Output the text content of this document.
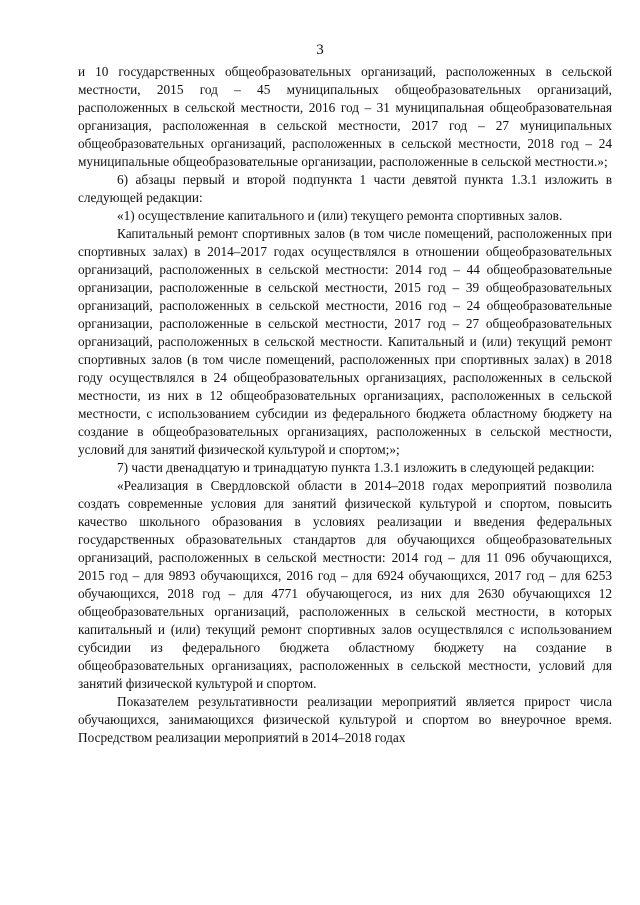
3

и 10 государственных общеобразовательных организаций, расположенных в сельской местности, 2015 год – 45 муниципальных общеобразовательных организаций, расположенных в сельской местности, 2016 год – 31 муниципальная общеобразовательная организация, расположенная в сельской местности, 2017 год – 27 муниципальных общеобразовательных организаций, расположенных в сельской местности, 2018 год – 24 муниципальные общеобразовательные организации, расположенные в сельской местности.»;

6) абзацы первый и второй подпункта 1 части девятой пункта 1.3.1 изложить в следующей редакции:

«1) осуществление капитального и (или) текущего ремонта спортивных залов.

Капитальный ремонт спортивных залов (в том числе помещений, расположенных при спортивных залах) в 2014–2017 годах осуществлялся в отношении общеобразовательных организаций, расположенных в сельской местности: 2014 год – 44 общеобразовательные организации, расположенные в сельской местности, 2015 год – 39 общеобразовательных организаций, расположенных в сельской местности, 2016 год – 24 общеобразовательные организации, расположенные в сельской местности, 2017 год – 27 общеобразовательных организаций, расположенных в сельской местности. Капитальный и (или) текущий ремонт спортивных залов (в том числе помещений, расположенных при спортивных залах) в 2018 году осуществлялся в 24 общеобразовательных организациях, расположенных в сельской местности, из них в 12 общеобразовательных организациях, расположенных в сельской местности, с использованием субсидии из федерального бюджета областному бюджету на создание в общеобразовательных организациях, расположенных в сельской местности, условий для занятий физической культурой и спортом;»;

7) части двенадцатую и тринадцатую пункта 1.3.1 изложить в следующей редакции:

«Реализация в Свердловской области в 2014–2018 годах мероприятий позволила создать современные условия для занятий физической культурой и спортом, повысить качество школьного образования в условиях реализации и введения федеральных государственных образовательных стандартов для обучающихся общеобразовательных организаций, расположенных в сельской местности: 2014 год – для 11 096 обучающихся, 2015 год – для 9893 обучающихся, 2016 год – для 6924 обучающихся, 2017 год – для 6253 обучающихся, 2018 год – для 4771 обучающегося, из них для 2630 обучающихся 12 общеобразовательных организаций, расположенных в сельской местности, в которых капитальный и (или) текущий ремонт спортивных залов осуществлялся с использованием субсидии из федерального бюджета областному бюджету на создание в общеобразовательных организациях, расположенных в сельской местности, условий для занятий физической культурой и спортом.

Показателем результативности реализации мероприятий является прирост числа обучающихся, занимающихся физической культурой и спортом во внеурочное время. Посредством реализации мероприятий в 2014–2018 годах
